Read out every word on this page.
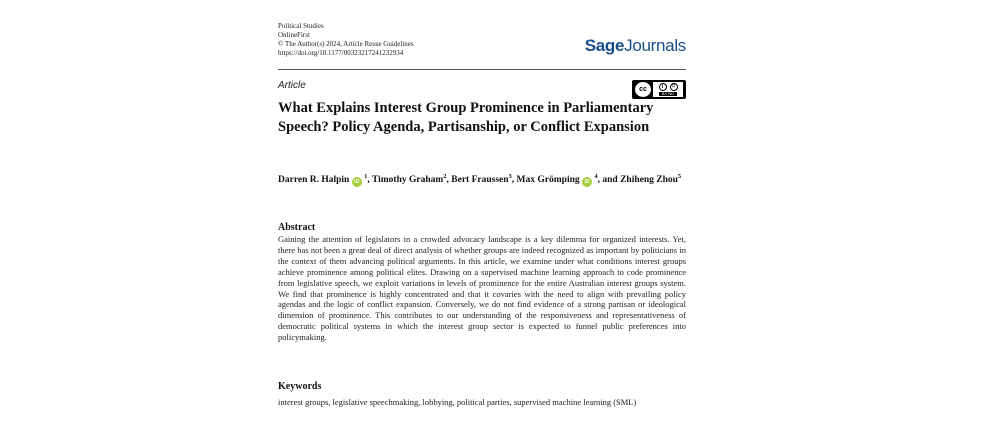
Political Studies
OnlineFirst
© The Author(s) 2024, Article Reuse Guidelines
https://doi.org/10.1177/00323217241232934	SageJournals
Article	cc	i	=
BY ND
What Explains Interest Group Prominence in Parliamentary Speech? Policy Agenda, Partisanship, or Conflict Expansion
Darren R. Halpin iD $^1$, Timothy Graham$^2$, Bert Fraussen$^3$, Max Grömping iD $^4$, and Zhiheng Zhou$^5$
Abstract
Gaining the attention of legislators in a crowded advocacy landscape is a key dilemma for organized interests. Yet, there has not been a great deal of direct analysis of whether groups are indeed recognized as important by politicians in the context of them advancing political arguments. In this article, we examine under what conditions interest groups achieve prominence among political elites. Drawing on a supervised machine learning approach to code prominence from legislative speech, we exploit variations in levels of prominence for the entire Australian interest groups system. We find that prominence is highly concentrated and that it covaries with the need to align with prevailing policy agendas and the logic of conflict expansion. Conversely, we do not find evidence of a strong partisan or ideological dimension of prominence. This contributes to our understanding of the responsiveness and representativeness of democratic political systems in which the interest group sector is expected to funnel public preferences into policymaking.
Keywords
interest groups, legislative speechmaking, lobbying, political parties, supervised machine learning (SML)
